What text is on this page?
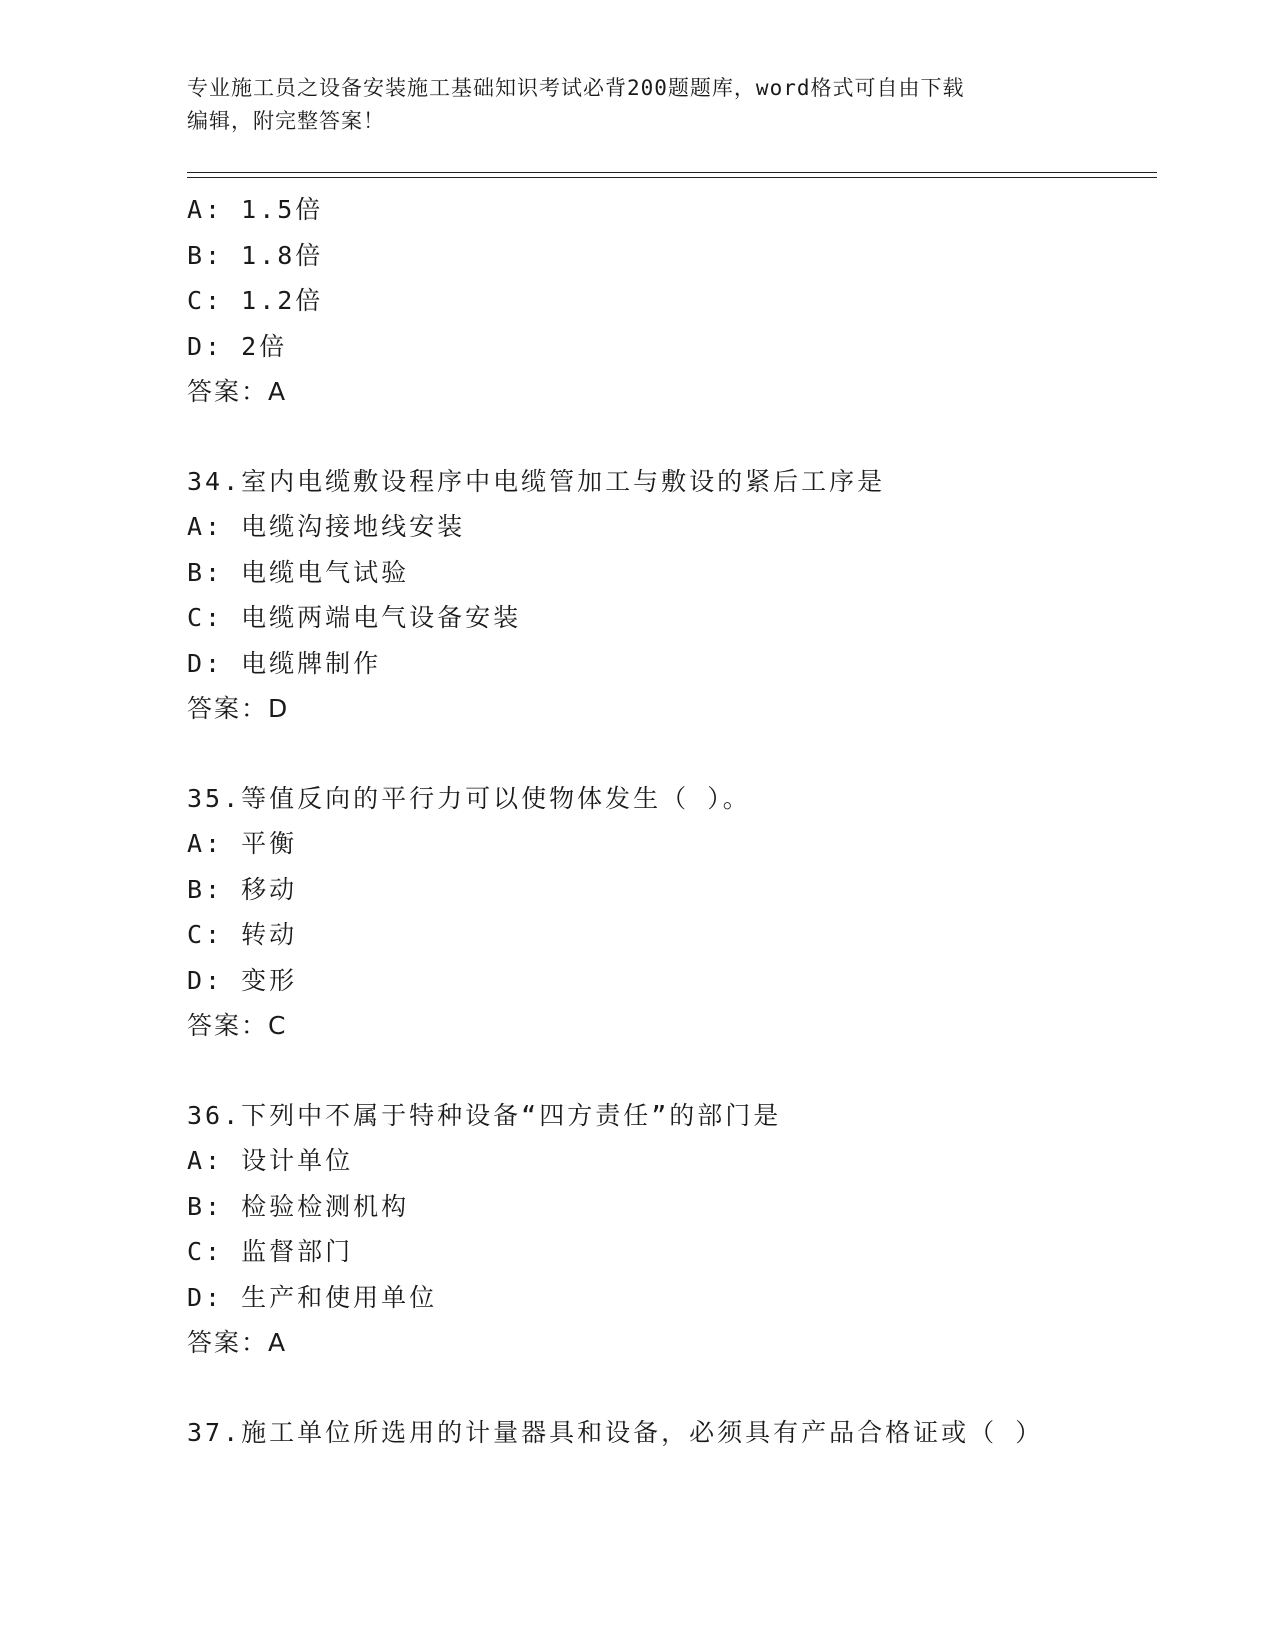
专业施工员之设备安装施工基础知识考试必背200题题库，word格式可自由下载
编辑，附完整答案！
A: 1.5倍
B: 1.8倍
C: 1.2倍
D: 2倍
答案：A
34.室内电缆敷设程序中电缆管加工与敷设的紧后工序是
A: 电缆沟接地线安装
B: 电缆电气试验
C: 电缆两端电气设备安装
D: 电缆牌制作
答案：D
35.等值反向的平行力可以使物体发生（ ）。
A: 平衡
B: 移动
C: 转动
D: 变形
答案：C
36.下列中不属于特种设备“四方责任”的部门是
A: 设计单位
B: 检验检测机构
C: 监督部门
D: 生产和使用单位
答案：A
37.施工单位所选用的计量器具和设备，必须具有产品合格证或（ ）
